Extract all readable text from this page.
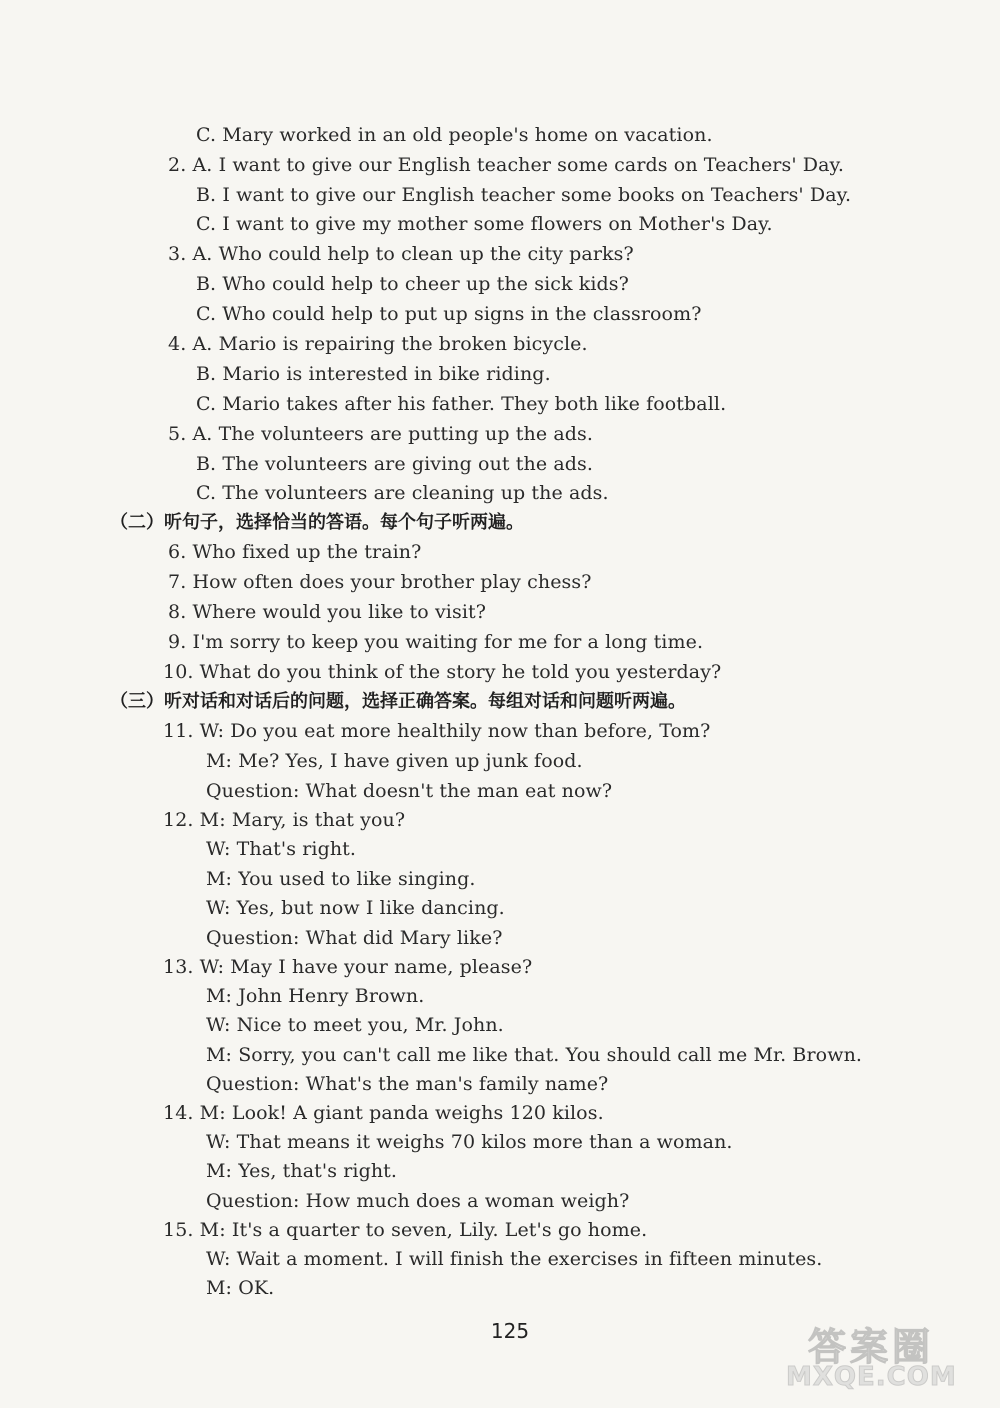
C. Mary worked in an old people's home on vacation.
2. A. I want to give our English teacher some cards on Teachers' Day.
B. I want to give our English teacher some books on Teachers' Day.
C. I want to give my mother some flowers on Mother's Day.
3. A. Who could help to clean up the city parks?
B. Who could help to cheer up the sick kids?
C. Who could help to put up signs in the classroom?
4. A. Mario is repairing the broken bicycle.
B. Mario is interested in bike riding.
C. Mario takes after his father. They both like football.
5. A. The volunteers are putting up the ads.
B. The volunteers are giving out the ads.
C. The volunteers are cleaning up the ads.
（二）听句子，选择恰当的答语。每个句子听两遍。
6. Who fixed up the train?
7. How often does your brother play chess?
8. Where would you like to visit?
9. I'm sorry to keep you waiting for me for a long time.
10. What do you think of the story he told you yesterday?
（三）听对话和对话后的问题，选择正确答案。每组对话和问题听两遍。
11. W: Do you eat more healthily now than before, Tom?
M: Me? Yes, I have given up junk food.
Question: What doesn't the man eat now?
12. M: Mary, is that you?
W: That's right.
M: You used to like singing.
W: Yes, but now I like dancing.
Question: What did Mary like?
13. W: May I have your name, please?
M: John Henry Brown.
W: Nice to meet you, Mr. John.
M: Sorry, you can't call me like that. You should call me Mr. Brown.
Question: What's the man's family name?
14. M: Look! A giant panda weighs 120 kilos.
W: That means it weighs 70 kilos more than a woman.
M: Yes, that's right.
Question: How much does a woman weigh?
15. M: It's a quarter to seven, Lily. Let's go home.
W: Wait a moment. I will finish the exercises in fifteen minutes.
M: OK.
125	答案圈
MXQE.COM
